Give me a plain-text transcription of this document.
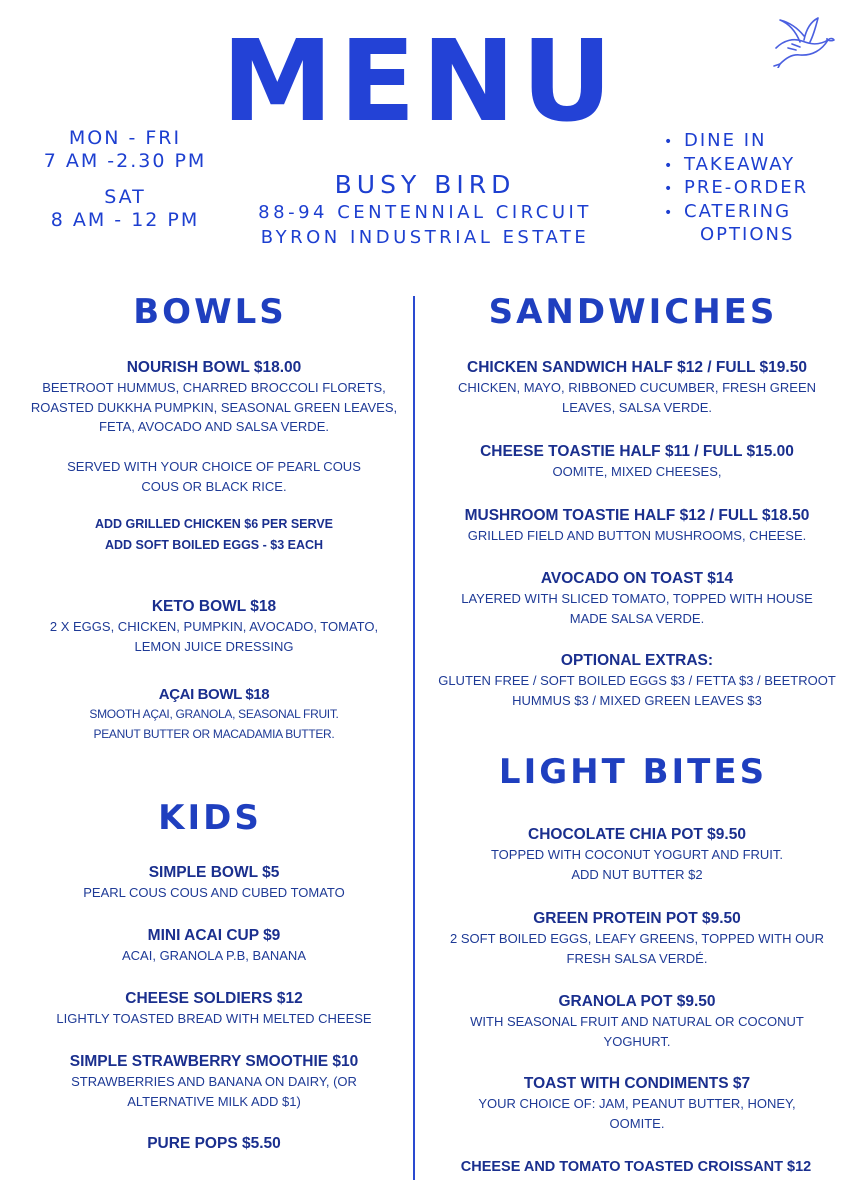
MENU
MON - FRI
7 AM -2.30 PM
SAT
8 AM - 12 PM
BUSY BIRD
88-94 CENTENNIAL CIRCUIT
BYRON INDUSTRIAL ESTATE
• DINE IN
• TAKEAWAY
• PRE-ORDER
• CATERING
OPTIONS
BOWLS
NOURISH BOWL $18.00
BEETROOT HUMMUS, CHARRED BROCCOLI FLORETS, ROASTED DUKKHA PUMPKIN, SEASONAL GREEN LEAVES, FETA, AVOCADO AND SALSA VERDE.
SERVED WITH YOUR CHOICE OF PEARL COUS COUS OR BLACK RICE.
ADD GRILLED CHICKEN $6 PER SERVE
ADD SOFT BOILED EGGS - $3 EACH
KETO BOWL $18
2 X EGGS, CHICKEN, PUMPKIN, AVOCADO, TOMATO, LEMON JUICE DRESSING
AÇAI BOWL $18
SMOOTH AÇAI, GRANOLA, SEASONAL FRUIT.
PEANUT BUTTER OR MACADAMIA BUTTER.
KIDS
SIMPLE BOWL $5
PEARL COUS COUS AND CUBED TOMATO
MINI ACAI CUP $9
ACAI, GRANOLA P.B, BANANA
CHEESE SOLDIERS $12
LIGHTLY TOASTED BREAD WITH MELTED CHEESE
SIMPLE STRAWBERRY SMOOTHIE $10
STRAWBERRIES AND BANANA ON DAIRY, (OR ALTERNATIVE MILK ADD $1)
PURE POPS $5.50
SANDWICHES
CHICKEN SANDWICH HALF $12 / FULL $19.50
CHICKEN, MAYO, RIBBONED CUCUMBER, FRESH GREEN LEAVES, SALSA VERDE.
CHEESE TOASTIE HALF $11 / FULL $15.00
OOMITE, MIXED CHEESES,
MUSHROOM TOASTIE HALF $12 / FULL $18.50
GRILLED FIELD AND BUTTON MUSHROOMS, CHEESE.
AVOCADO ON TOAST $14
LAYERED WITH SLICED TOMATO, TOPPED WITH HOUSE MADE SALSA VERDE.
OPTIONAL EXTRAS:
GLUTEN FREE / SOFT BOILED EGGS $3 / FETTA $3 / BEETROOT HUMMUS $3 / MIXED GREEN LEAVES $3
LIGHT BITES
CHOCOLATE CHIA POT $9.50
TOPPED WITH COCONUT YOGURT AND FRUIT.
ADD NUT BUTTER $2
GREEN PROTEIN POT $9.50
2 SOFT BOILED EGGS, LEAFY GREENS, TOPPED WITH OUR FRESH SALSA VERDÉ.
GRANOLA POT $9.50
WITH SEASONAL FRUIT AND NATURAL OR COCONUT YOGHURT.
TOAST WITH CONDIMENTS $7
YOUR CHOICE OF: JAM, PEANUT BUTTER, HONEY, OOMITE.
CHEESE AND TOMATO TOASTED CROISSANT $12
